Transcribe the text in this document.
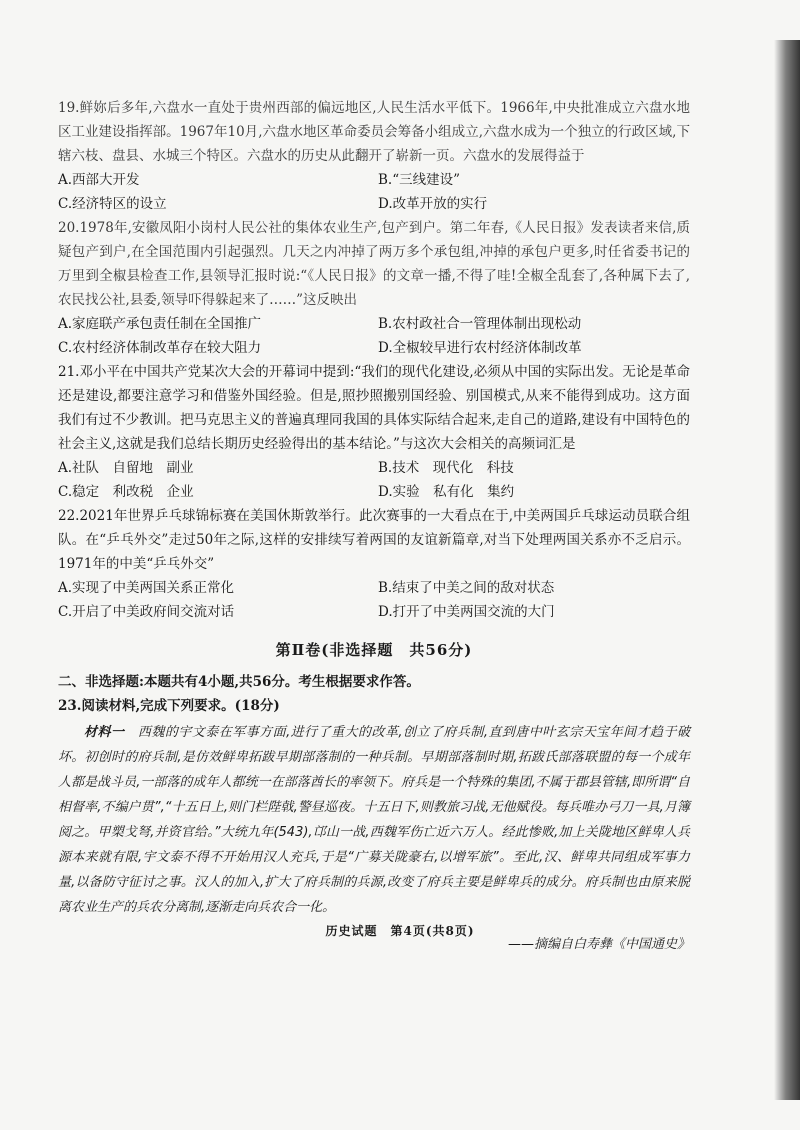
19.鲜妳后多年,六盘水一直处于贵州西部的偏远地区,人民生活水平低下。1966年,中央批准成立六盘水地区工业建设指挥部。1967年10月,六盘水地区革命委员会筹备小组成立,六盘水成为一个独立的行政区域,下辖六枝、盘县、水城三个特区。六盘水的历史从此翻开了崭新一页。六盘水的发展得益于

A.西部大开发	B.“三线建设”
C.经济特区的设立	D.改革开放的实行

20.1978年,安徽凤阳小岗村人民公社的集体农业生产,包产到户。第二年春,《人民日报》发表读者来信,质疑包产到户,在全国范围内引起强烈。几天之内冲掉了两万多个承包组,冲掉的承包户更多,时任省委书记的万里到全椒县检查工作,县领导汇报时说:“《人民日报》的文章一播,不得了哇!全椒全乱套了,各种属下去了,农民找公社,县委,领导吓得躲起来了……”这反映出

A.家庭联产承包责任制在全国推广	B.农村政社合一管理体制出现松动
C.农村经济体制改革存在较大阻力	D.全椒较早进行农村经济体制改革

21.邓小平在中国共产党某次大会的开幕词中提到:“我们的现代化建设,必须从中国的实际出发。无论是革命还是建设,都要注意学习和借鉴外国经验。但是,照抄照搬别国经验、别国模式,从来不能得到成功。这方面我们有过不少教训。把马克思主义的普遍真理同我国的具体实际结合起来,走自己的道路,建设有中国特色的社会主义,这就是我们总结长期历史经验得出的基本结论。”与这次大会相关的高频词汇是

A.社队　自留地　副业	B.技术　现代化　科技
C.稳定　利改税　企业	D.实验　私有化　集约

22.2021年世界乒乓球锦标赛在美国休斯敦举行。此次赛事的一大看点在于,中美两国乒乓球运动员联合组队。在“乒乓外交”走过50年之际,这样的安排续写着两国的友谊新篇章,对当下处理两国关系亦不乏启示。1971年的中美“乒乓外交”

A.实现了中美两国关系正常化	B.结束了中美之间的敌对状态
C.开启了中美政府间交流对话	D.打开了中美两国交流的大门
第Ⅱ卷(非选择题　共56分)

二、非选择题:本题共有4小题,共56分。考生根据要求作答。

23.阅读材料,完成下列要求。(18分)

材料一　 西魏的宇文泰在军事方面,进行了重大的改革,创立了府兵制,直到唐中叶玄宗天宝年间才趋于破坏。初创时的府兵制,是仿效鲜卑拓跋早期部落制的一种兵制。早期部落制时期,拓跋氏部落联盟的每一个成年人都是战斗员,一部落的成年人都统一在部落酋长的率领下。府兵是一个特殊的集团,不属于郡县管辖,即所谓“自相督率,不编户贯”,“十五日上,则门栏陛戟,警昼巡夜。十五日下,则教旅习战,无他赋役。每兵唯办弓刀一具,月簿阅之。甲槊戈弩,并资官给。”大统九年(543),邙山一战,西魏军伤亡近六万人。经此惨败,加上关陇地区鲜卑人兵源本来就有限,宇文泰不得不开始用汉人充兵,于是“广募关陇豪右,以增军旅”。至此,汉、鲜卑共同组成军事力量,以备防守征讨之事。汉人的加入,扩大了府兵制的兵源,改变了府兵主要是鲜卑兵的成分。府兵制也由原来脱离农业生产的兵农分离制,逐渐走向兵农合一化。

——摘编自白寿彝《中国通史》
历史试题　第4页(共8页)
